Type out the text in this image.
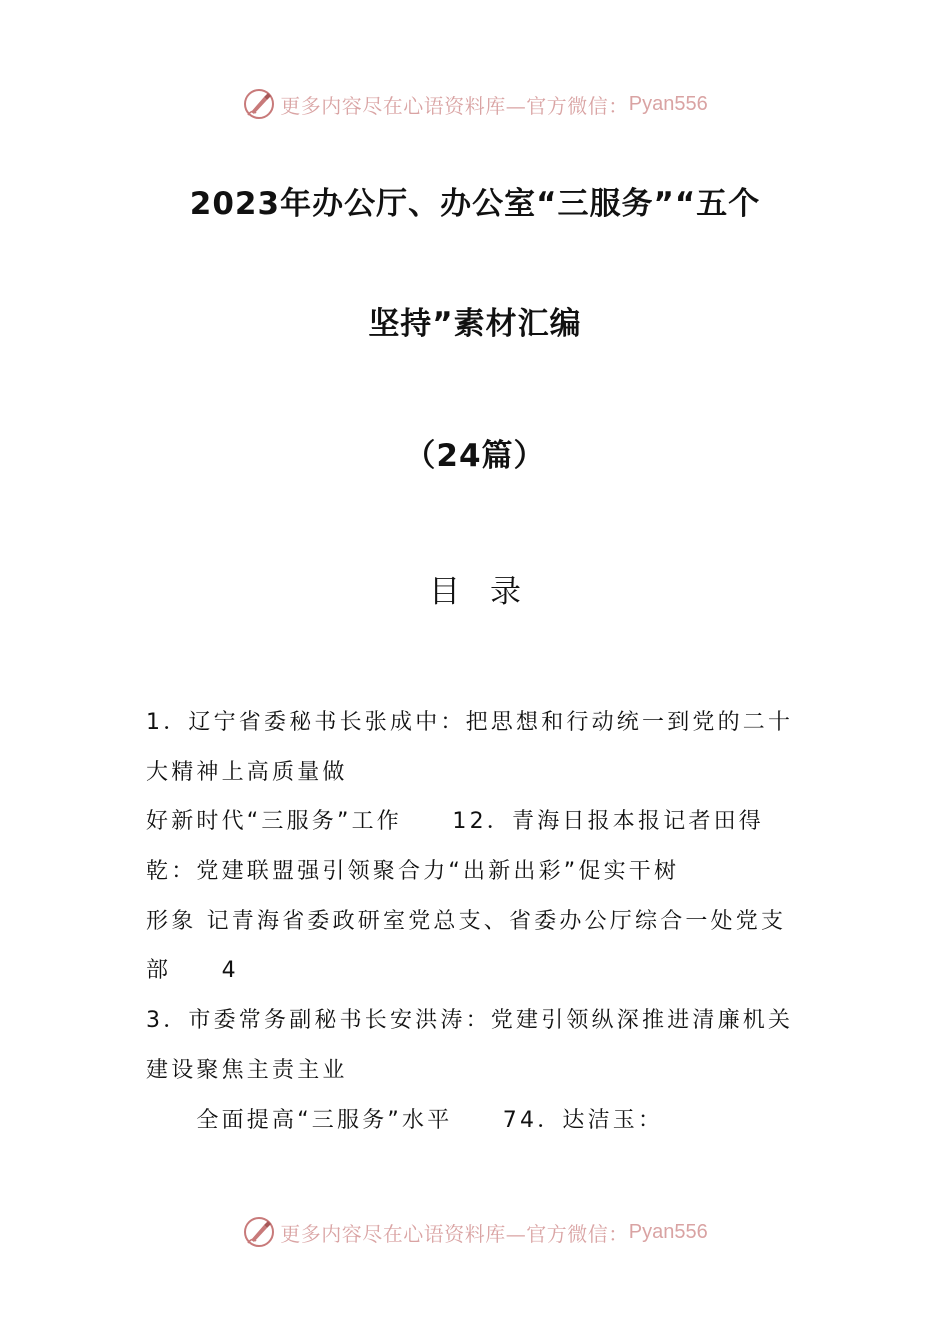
更多内容尽在心语资料库—官方微信： Pyan556
2023年办公厅、办公室“三服务”“五个
坚持”素材汇编
（24篇）
目录
1．辽宁省委秘书长张成中：把思想和行动统一到党的二十
大精神上高质量做
好新时代“三服务”工作　　12．青海日报本报记者田得
乾：党建联盟强引领聚合力“出新出彩”促实干树
形象 记青海省委政研室党总支、省委办公厅综合一处党支
部　　4
3．市委常务副秘书长安洪涛：党建引领纵深推进清廉机关
建设聚焦主责主业
　　全面提高“三服务”水平　　74．达洁玉：
更多内容尽在心语资料库—官方微信： Pyan556
